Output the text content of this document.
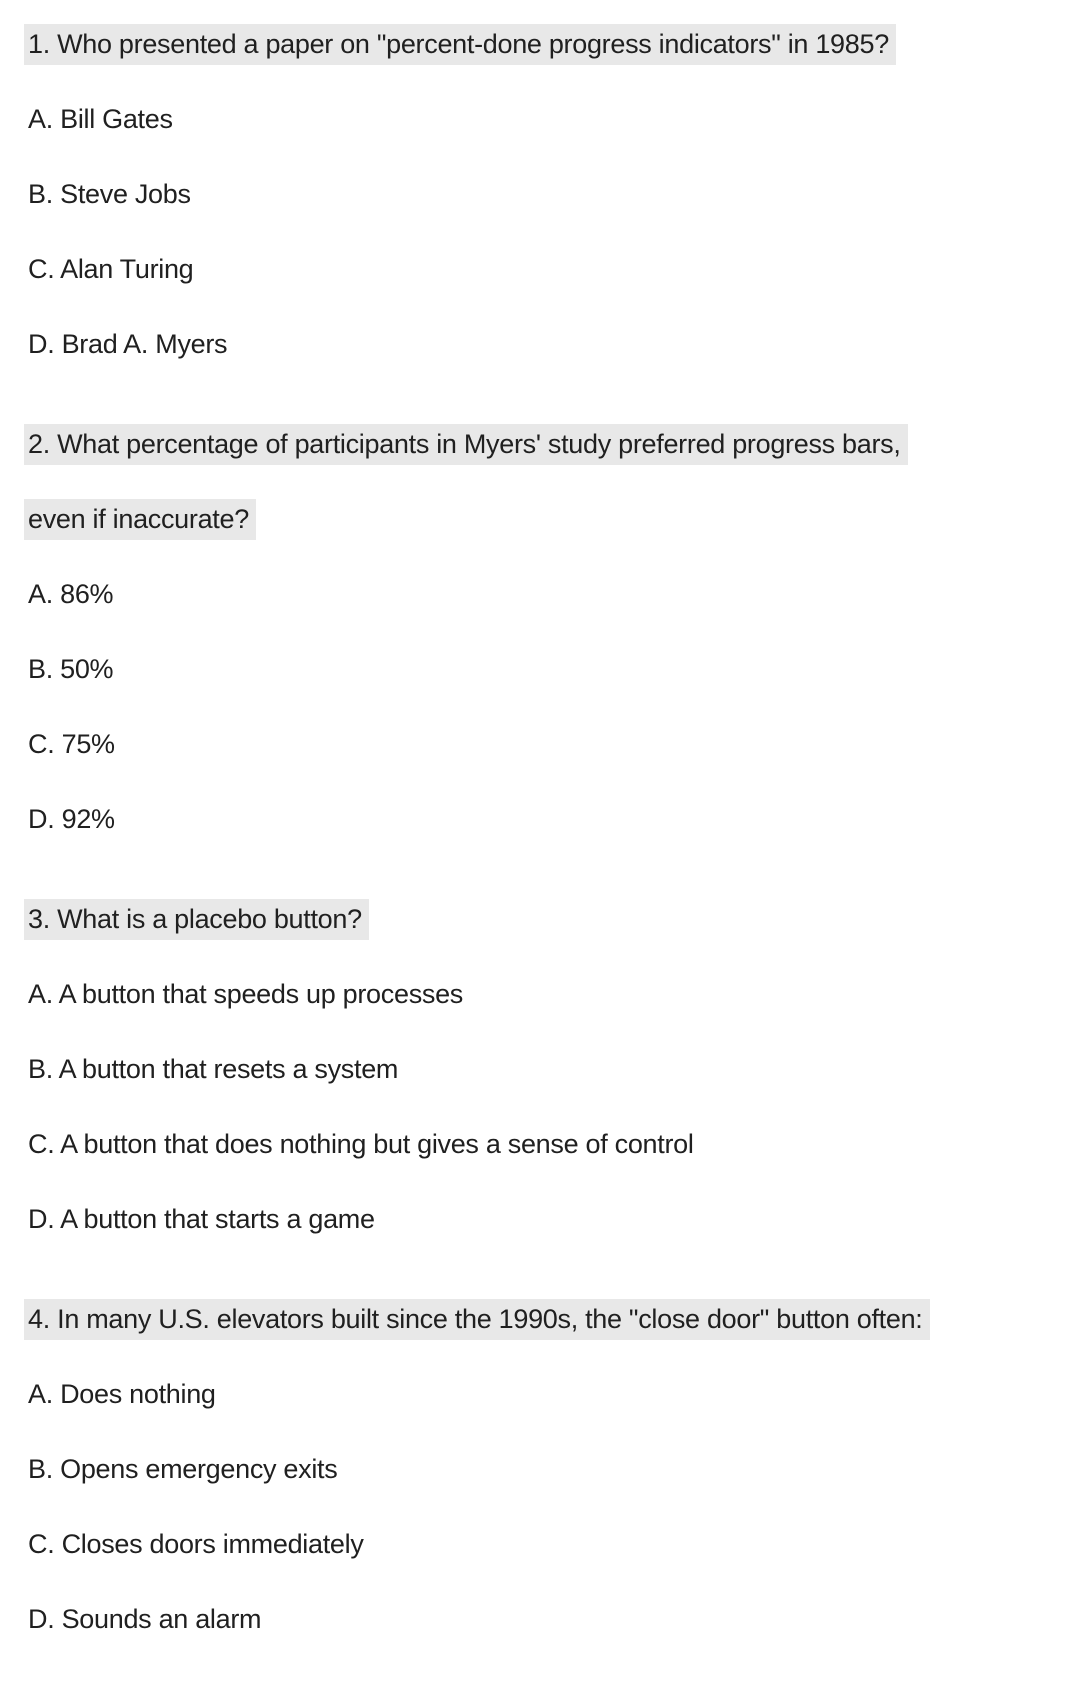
1. Who presented a paper on "percent-done progress indicators" in 1985?

A. Bill Gates

B. Steve Jobs

C. Alan Turing

D. Brad A. Myers

2. What percentage of participants in Myers' study preferred progress bars,

even if inaccurate?

A. 86%

B. 50%

C. 75%

D. 92%

3. What is a placebo button?

A. A button that speeds up processes

B. A button that resets a system

C. A button that does nothing but gives a sense of control

D. A button that starts a game

4. In many U.S. elevators built since the 1990s, the "close door" button often:

A. Does nothing

B. Opens emergency exits

C. Closes doors immediately

D. Sounds an alarm
